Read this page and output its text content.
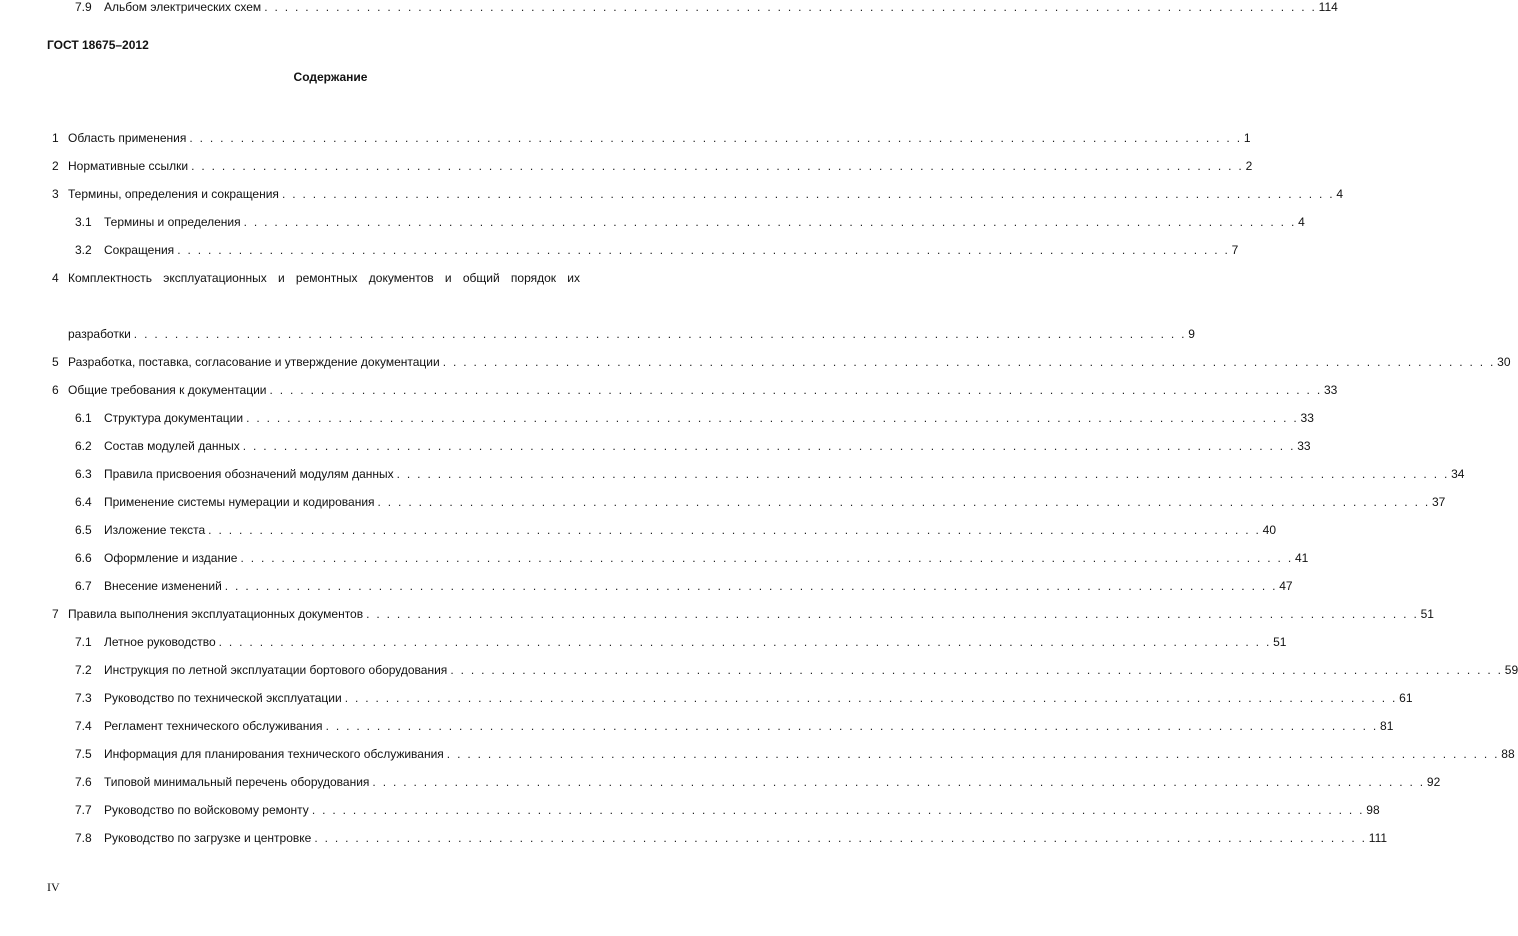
ГОСТ 18675–2012
Содержание
1 Область применения . . . . . . . . . . . . . . . . . . . . . . . . . . . . . . . . . . . . . . . . . . . . . . . . . . . . . . . . . . . . . . . . . . . . . . . . . . . . . . . . . . . . . . . . . . . . . . . . . . . . . . . 1
2 Нормативные ссылки . . . . . . . . . . . . . . . . . . . . . . . . . . . . . . . . . . . . . . . . . . . . . . . . . . . . . . . . . . . . . . . . . . . . . . . . . . . . . . . . . . . . . . . . . . . . . . . . . . . . . . . 2
3 Термины, определения и сокращения . . . . . . . . . . . . . . . . . . . . . . . . . . . . . . . . . . . . . . . . . . . . . . . . . . . . . . . . . . . . . . . . . . . . . . . . . . . . . . . . . . . . . . . . . . . . . . . . . . . . . . . 4
3.1 Термины и определения . . . . . . . . . . . . . . . . . . . . . . . . . . . . . . . . . . . . . . . . . . . . . . . . . . . . . . . . . . . . . . . . . . . . . . . . . . . . . . . . . . . . . . . . . . . . . . . . . . . . . . . 4
3.2 Сокращения . . . . . . . . . . . . . . . . . . . . . . . . . . . . . . . . . . . . . . . . . . . . . . . . . . . . . . . . . . . . . . . . . . . . . . . . . . . . . . . . . . . . . . . . . . . . . . . . . . . . . . . 7
4 Комплектность эксплуатационных и ремонтных документов и общий порядок их
разработки . . . . . . . . . . . . . . . . . . . . . . . . . . . . . . . . . . . . . . . . . . . . . . . . . . . . . . . . . . . . . . . . . . . . . . . . . . . . . . . . . . . . . . . . . . . . . . . . . . . . . . . 9
5 Разработка, поставка, согласование и утверждение документации . . . . . . . . . . . . . . . . . . . . . . . . . . . . . . . . . . . . . . . . . . . . . . . . . . . . . . . . . . . . . . . . . . . . . . . . . . . . . . . . . . . . . . . . . . . . . . . . . . . . . . . 30
6 Общие требования к документации . . . . . . . . . . . . . . . . . . . . . . . . . . . . . . . . . . . . . . . . . . . . . . . . . . . . . . . . . . . . . . . . . . . . . . . . . . . . . . . . . . . . . . . . . . . . . . . . . . . . . . . 33
6.1 Структура документации . . . . . . . . . . . . . . . . . . . . . . . . . . . . . . . . . . . . . . . . . . . . . . . . . . . . . . . . . . . . . . . . . . . . . . . . . . . . . . . . . . . . . . . . . . . . . . . . . . . . . . . 33
6.2 Состав модулей данных . . . . . . . . . . . . . . . . . . . . . . . . . . . . . . . . . . . . . . . . . . . . . . . . . . . . . . . . . . . . . . . . . . . . . . . . . . . . . . . . . . . . . . . . . . . . . . . . . . . . . . . 33
6.3 Правила присвоения обозначений модулям данных . . . . . . . . . . . . . . . . . . . . . . . . . . . . . . . . . . . . . . . . . . . . . . . . . . . . . . . . . . . . . . . . . . . . . . . . . . . . . . . . . . . . . . . . . . . . . . . . . . . . . . . 34
6.4 Применение системы нумерации и кодирования . . . . . . . . . . . . . . . . . . . . . . . . . . . . . . . . . . . . . . . . . . . . . . . . . . . . . . . . . . . . . . . . . . . . . . . . . . . . . . . . . . . . . . . . . . . . . . . . . . . . . . . 37
6.5 Изложение текста . . . . . . . . . . . . . . . . . . . . . . . . . . . . . . . . . . . . . . . . . . . . . . . . . . . . . . . . . . . . . . . . . . . . . . . . . . . . . . . . . . . . . . . . . . . . . . . . . . . . . . . 40
6.6 Оформление и издание . . . . . . . . . . . . . . . . . . . . . . . . . . . . . . . . . . . . . . . . . . . . . . . . . . . . . . . . . . . . . . . . . . . . . . . . . . . . . . . . . . . . . . . . . . . . . . . . . . . . . . . 41
6.7 Внесение изменений . . . . . . . . . . . . . . . . . . . . . . . . . . . . . . . . . . . . . . . . . . . . . . . . . . . . . . . . . . . . . . . . . . . . . . . . . . . . . . . . . . . . . . . . . . . . . . . . . . . . . . . 47
7 Правила выполнения эксплуатационных документов . . . . . . . . . . . . . . . . . . . . . . . . . . . . . . . . . . . . . . . . . . . . . . . . . . . . . . . . . . . . . . . . . . . . . . . . . . . . . . . . . . . . . . . . . . . . . . . . . . . . . . . 51
7.1 Летное руководство . . . . . . . . . . . . . . . . . . . . . . . . . . . . . . . . . . . . . . . . . . . . . . . . . . . . . . . . . . . . . . . . . . . . . . . . . . . . . . . . . . . . . . . . . . . . . . . . . . . . . . . 51
7.2 Инструкция по летной эксплуатации бортового оборудования . . . . . . . . . . . . . . . . . . . . . . . . . . . . . . . . . . . . . . . . . . . . . . . . . . . . . . . . . . . . . . . . . . . . . . . . . . . . . . . . . . . . . . . . . . . . . . . . . . . . . . . 59
7.3 Руководство по технической эксплуатации . . . . . . . . . . . . . . . . . . . . . . . . . . . . . . . . . . . . . . . . . . . . . . . . . . . . . . . . . . . . . . . . . . . . . . . . . . . . . . . . . . . . . . . . . . . . . . . . . . . . . . . 61
7.4 Регламент технического обслуживания . . . . . . . . . . . . . . . . . . . . . . . . . . . . . . . . . . . . . . . . . . . . . . . . . . . . . . . . . . . . . . . . . . . . . . . . . . . . . . . . . . . . . . . . . . . . . . . . . . . . . . . 81
7.5 Информация для планирования технического обслуживания . . . . . . . . . . . . . . . . . . . . . . . . . . . . . . . . . . . . . . . . . . . . . . . . . . . . . . . . . . . . . . . . . . . . . . . . . . . . . . . . . . . . . . . . . . . . . . . . . . . . . . . 88
7.6 Типовой минимальный перечень оборудования . . . . . . . . . . . . . . . . . . . . . . . . . . . . . . . . . . . . . . . . . . . . . . . . . . . . . . . . . . . . . . . . . . . . . . . . . . . . . . . . . . . . . . . . . . . . . . . . . . . . . . . 92
7.7 Руководство по войсковому ремонту . . . . . . . . . . . . . . . . . . . . . . . . . . . . . . . . . . . . . . . . . . . . . . . . . . . . . . . . . . . . . . . . . . . . . . . . . . . . . . . . . . . . . . . . . . . . . . . . . . . . . . . 98
7.8 Руководство по загрузке и центровке . . . . . . . . . . . . . . . . . . . . . . . . . . . . . . . . . . . . . . . . . . . . . . . . . . . . . . . . . . . . . . . . . . . . . . . . . . . . . . . . . . . . . . . . . . . . . . . . . . . . . . . 111
7.9 Альбом электрических схем . . . . . . . . . . . . . . . . . . . . . . . . . . . . . . . . . . . . . . . . . . . . . . . . . . . . . . . . . . . . . . . . . . . . . . . . . . . . . . . . . . . . . . . . . . . . . . . . . . . . . . . 114
IV
